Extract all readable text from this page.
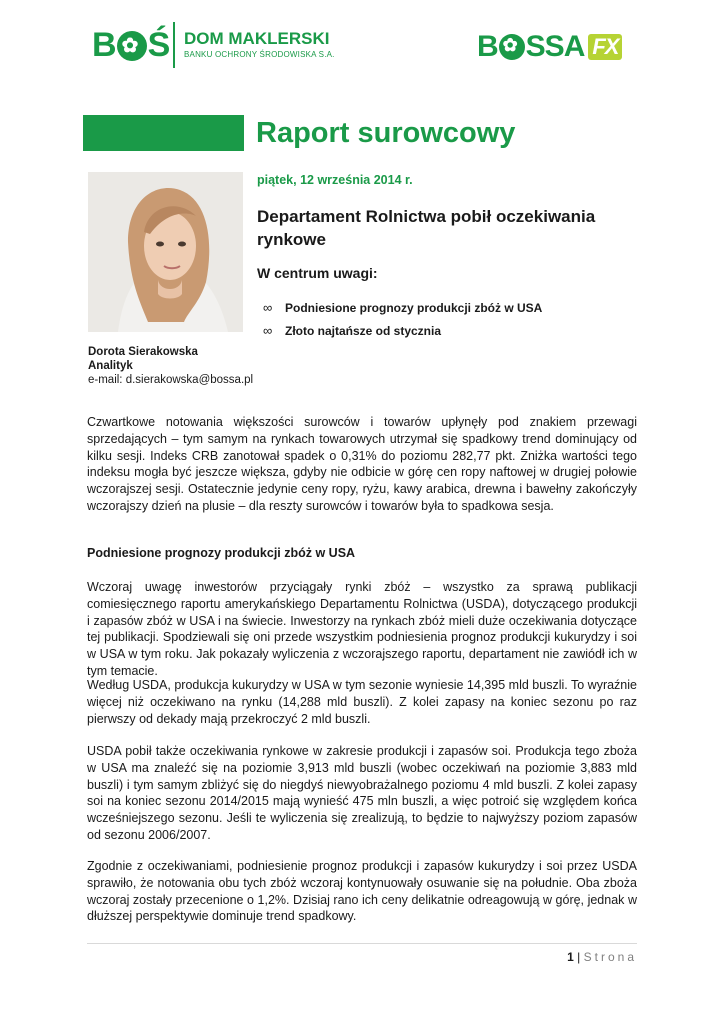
B ✿ Ś DOM MAKLERSKI
BANKU OCHRONY ŚRODOWISKA S.A.	B ✿ SSA FX
Raport surowcowy
Dorota Sierakowska
Analityk
e-mail: d.sierakowska@bossa.pl
piątek, 12 września 2014 r.
Departament Rolnictwa pobił oczekiwania rynkowe
W centrum uwagi:
∞	Podniesione prognozy produkcji zbóż w USA
∞	Złoto najtańsze od stycznia
Czwartkowe notowania większości surowców i towarów upłynęły pod znakiem przewagi sprzedających – tym samym na rynkach towarowych utrzymał się spadkowy trend dominujący od kilku sesji. Indeks CRB zanotował spadek o 0,31% do poziomu 282,77 pkt. Zniżka wartości tego indeksu mogła być jeszcze większa, gdyby nie odbicie w górę cen ropy naftowej w drugiej połowie wczorajszej sesji. Ostatecznie jedynie ceny ropy, ryżu, kawy arabica, drewna i bawełny zakończyły wczorajszy dzień na plusie – dla reszty surowców i towarów była to spadkowa sesja.
Podniesione prognozy produkcji zbóż w USA
Wczoraj uwagę inwestorów przyciągały rynki zbóż – wszystko za sprawą publikacji comiesięcznego raportu amerykańskiego Departamentu Rolnictwa (USDA), dotyczącego produkcji i zapasów zbóż w USA i na świecie. Inwestorzy na rynkach zbóż mieli duże oczekiwania dotyczące tej publikacji. Spodziewali się oni przede wszystkim podniesienia prognoz produkcji kukurydzy i soi w USA w tym roku. Jak pokazały wyliczenia z wczorajszego raportu, departament nie zawiódł ich w tym temacie.
Według USDA, produkcja kukurydzy w USA w tym sezonie wyniesie 14,395 mld buszli. To wyraźnie więcej niż oczekiwano na rynku (14,288 mld buszli). Z kolei zapasy na koniec sezonu po raz pierwszy od dekady mają przekroczyć 2 mld buszli.
USDA pobił także oczekiwania rynkowe w zakresie produkcji i zapasów soi. Produkcja tego zboża w USA ma znaleźć się na poziomie 3,913 mld buszli (wobec oczekiwań na poziomie 3,883 mld buszli) i tym samym zbliżyć się do niegdyś niewyobrażalnego poziomu 4 mld buszli. Z kolei zapasy soi na koniec sezonu 2014/2015 mają wynieść 475 mln buszli, a więc potroić się względem końca wcześniejszego sezonu. Jeśli te wyliczenia się zrealizują, to będzie to najwyższy poziom zapasów od sezonu 2006/2007.
Zgodnie z oczekiwaniami, podniesienie prognoz produkcji i zapasów kukurydzy i soi przez USDA sprawiło, że notowania obu tych zbóż wczoraj kontynuowały osuwanie się na południe. Oba zboża wczoraj zostały przecenione o 1,2%. Dzisiaj rano ich ceny delikatnie odreagowują w górę, jednak w dłuższej perspektywie dominuje trend spadkowy.
1 | Strona
